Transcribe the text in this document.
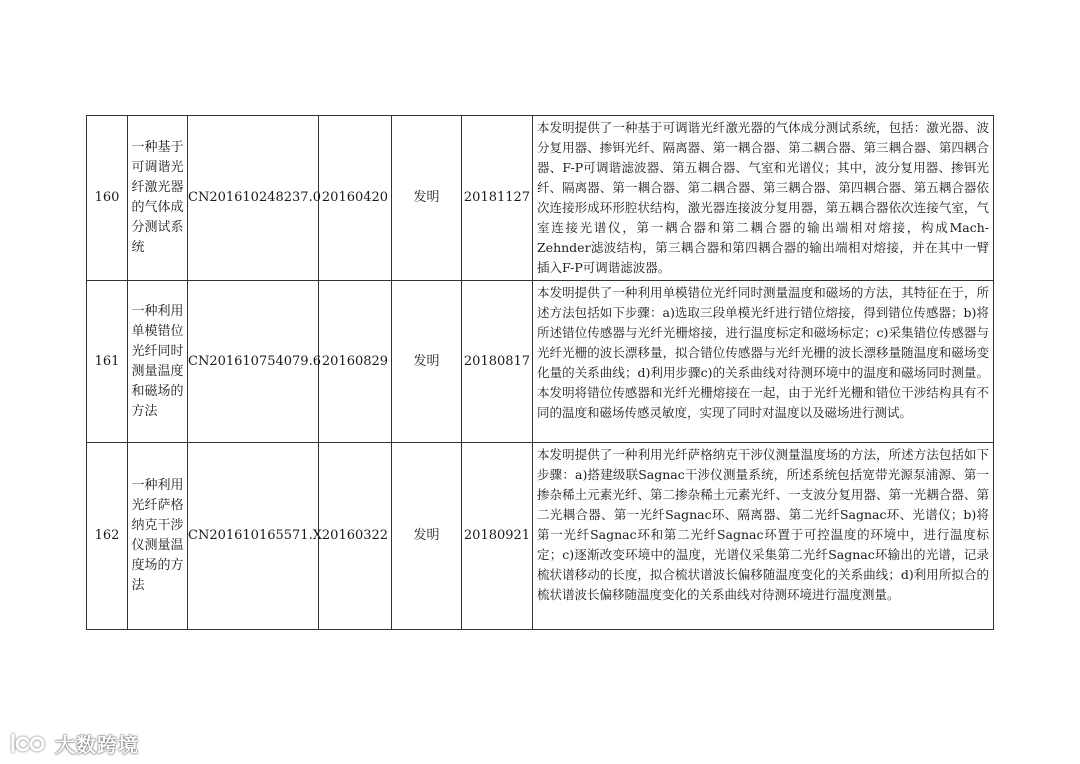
160	一种基于可调谐光纤激光器的气体成分测试系统	CN201610248237.0	20160420	发明	20181127	本发明提供了一种基于可调谐光纤激光器的气体成分测试系统，包括：激光器、波分复用器、掺铒光纤、隔离器、第一耦合器、第二耦合器、第三耦合器、第四耦合器、F-P可调谐滤波器、第五耦合器、气室和光谱仪；其中，波分复用器、掺铒光纤、隔离器、第一耦合器、第二耦合器、第三耦合器、第四耦合器、第五耦合器依次连接形成环形腔状结构，激光器连接波分复用器，第五耦合器依次连接气室，气室连接光谱仪，第一耦合器和第二耦合器的输出端相对熔接，构成Mach-Zehnder滤波结构，第三耦合器和第四耦合器的输出端相对熔接，并在其中一臂插入F-P可调谐滤波器。
161	一种利用单模错位光纤同时测量温度和磁场的方法	CN201610754079.6	20160829	发明	20180817	本发明提供了一种利用单模错位光纤同时测量温度和磁场的方法，其特征在于，所述方法包括如下步骤：a)选取三段单模光纤进行错位熔接，得到错位传感器；b)将所述错位传感器与光纤光栅熔接，进行温度标定和磁场标定；c)采集错位传感器与光纤光栅的波长漂移量，拟合错位传感器与光纤光栅的波长漂移量随温度和磁场变化量的关系曲线；d)利用步骤c)的关系曲线对待测环境中的温度和磁场同时测量。本发明将错位传感器和光纤光栅熔接在一起，由于光纤光栅和错位干涉结构具有不同的温度和磁场传感灵敏度，实现了同时对温度以及磁场进行测试。
162	一种利用光纤萨格纳克干涉仪测量温度场的方法	CN201610165571.X	20160322	发明	20180921	本发明提供了一种利用光纤萨格纳克干涉仪测量温度场的方法，所述方法包括如下步骤：a)搭建级联Sagnac干涉仪测量系统，所述系统包括宽带光源泵浦源、第一掺杂稀土元素光纤、第二掺杂稀土元素光纤、一支波分复用器、第一光耦合器、第二光耦合器、第一光纤Sagnac环、隔离器、第二光纤Sagnac环、光谱仪；b)将第一光纤Sagnac环和第二光纤Sagnac环置于可控温度的环境中，进行温度标定；c)逐渐改变环境中的温度，光谱仪采集第二光纤Sagnac环输出的光谱，记录梳状谱移动的长度，拟合梳状谱波长偏移随温度变化的关系曲线；d)利用所拟合的梳状谱波长偏移随温度变化的关系曲线对待测环境进行温度测量。
大数跨境
